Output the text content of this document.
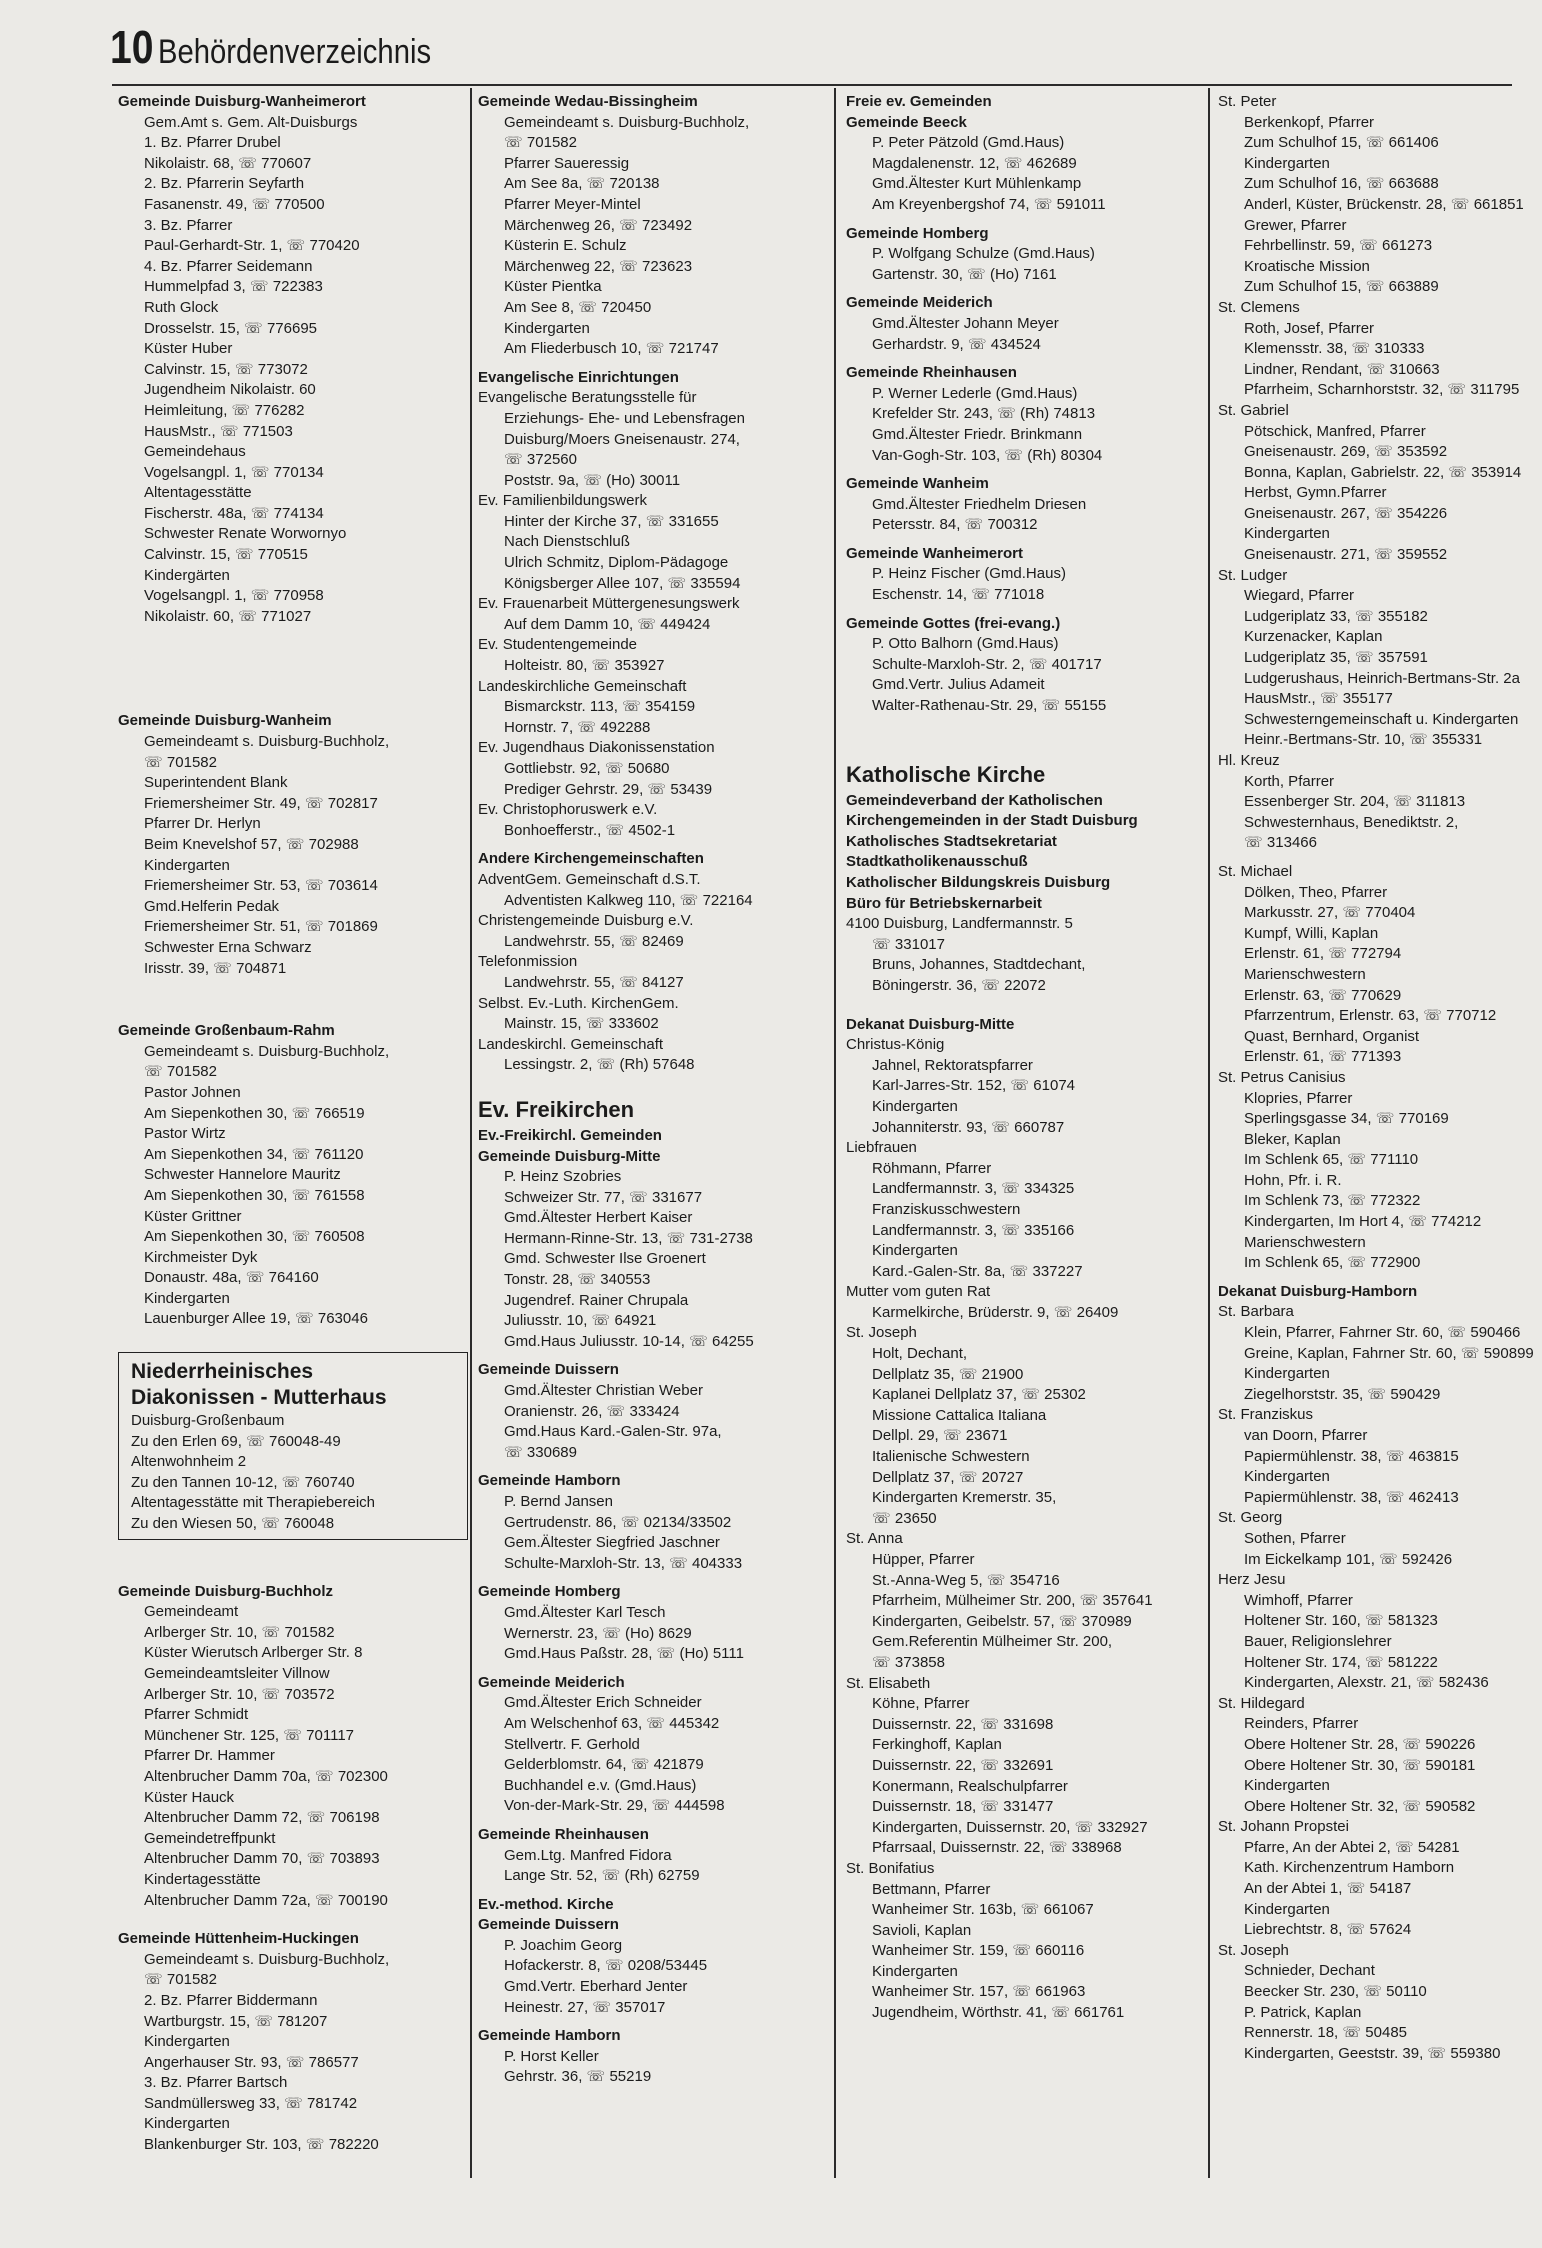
10 Behördenverzeichnis
Gemeinde Duisburg-Wanheimerort
Gem.Amt s. Gem. Alt-Duisburgs
1. Bz. Pfarrer Drubel
Nikolaistr. 68, ☏ 770607
2. Bz. Pfarrerin Seyfarth
Fasanenstr. 49, ☏ 770500
3. Bz. Pfarrer
Paul-Gerhardt-Str. 1, ☏ 770420
4. Bz. Pfarrer Seidemann
Hummelpfad 3, ☏ 722383
Ruth Glock
Drosselstr. 15, ☏ 776695
Küster Huber
Calvinstr. 15, ☏ 773072
Jugendheim Nikolaistr. 60
Heimleitung, ☏ 776282
HausMstr., ☏ 771503
Gemeindehaus
Vogelsangpl. 1, ☏ 770134
Altentagesstätte
Fischerstr. 48a, ☏ 774134
Schwester Renate Worwornyo
Calvinstr. 15, ☏ 770515
Kindergärten
Vogelsangpl. 1, ☏ 770958
Nikolaistr. 60, ☏ 771027
Gemeinde Duisburg-Wanheim
Gemeindeamt s. Duisburg-Buchholz,
☏ 701582
Superintendent Blank
Friemersheimer Str. 49, ☏ 702817
Pfarrer Dr. Herlyn
Beim Knevelshof 57, ☏ 702988
Kindergarten
Friemersheimer Str. 53, ☏ 703614
Gmd.Helferin Pedak
Friemersheimer Str. 51, ☏ 701869
Schwester Erna Schwarz
Irisstr. 39, ☏ 704871
Gemeinde Großenbaum-Rahm
Gemeindeamt s. Duisburg-Buchholz,
☏ 701582
Pastor Johnen
Am Siepenkothen 30, ☏ 766519
Pastor Wirtz
Am Siepenkothen 34, ☏ 761120
Schwester Hannelore Mauritz
Am Siepenkothen 30, ☏ 761558
Küster Grittner
Am Siepenkothen 30, ☏ 760508
Kirchmeister Dyk
Donaustr. 48a, ☏ 764160
Kindergarten
Lauenburger Allee 19, ☏ 763046
Niederrheinisches
Diakonissen - Mutterhaus
Duisburg-Großenbaum
Zu den Erlen 69, ☏ 760048-49
Altenwohnheim 2
Zu den Tannen 10-12, ☏ 760740
Altentagesstätte mit Therapiebereich
Zu den Wiesen 50, ☏ 760048
Gemeinde Duisburg-Buchholz
Gemeindeamt
Arlberger Str. 10, ☏ 701582
Küster Wierutsch Arlberger Str. 8
Gemeindeamtsleiter Villnow
Arlberger Str. 10, ☏ 703572
Pfarrer Schmidt
Münchener Str. 125, ☏ 701117
Pfarrer Dr. Hammer
Altenbrucher Damm 70a, ☏ 702300
Küster Hauck
Altenbrucher Damm 72, ☏ 706198
Gemeindetreffpunkt
Altenbrucher Damm 70, ☏ 703893
Kindertagesstätte
Altenbrucher Damm 72a, ☏ 700190
Gemeinde Hüttenheim-Huckingen
Gemeindeamt s. Duisburg-Buchholz,
☏ 701582
2. Bz. Pfarrer Biddermann
Wartburgstr. 15, ☏ 781207
Kindergarten
Angerhauser Str. 93, ☏ 786577
3. Bz. Pfarrer Bartsch
Sandmüllersweg 33, ☏ 781742
Kindergarten
Blankenburger Str. 103, ☏ 782220
Gemeinde Wedau-Bissingheim
Gemeindeamt s. Duisburg-Buchholz,
☏ 701582
Pfarrer Saueressig
Am See 8a, ☏ 720138
Pfarrer Meyer-Mintel
Märchenweg 26, ☏ 723492
Küsterin E. Schulz
Märchenweg 22, ☏ 723623
Küster Pientka
Am See 8, ☏ 720450
Kindergarten
Am Fliederbusch 10, ☏ 721747
Evangelische Einrichtungen
Evangelische Beratungsstelle für
Erziehungs- Ehe- und Lebensfragen
Duisburg/Moers Gneisenaustr. 274,
☏ 372560
Poststr. 9a, ☏ (Ho) 30011
Ev. Familienbildungswerk
Hinter der Kirche 37, ☏ 331655
Nach Dienstschluß
Ulrich Schmitz, Diplom-Pädagoge
Königsberger Allee 107, ☏ 335594
Ev. Frauenarbeit Müttergenesungswerk
Auf dem Damm 10, ☏ 449424
Ev. Studentengemeinde
Holteistr. 80, ☏ 353927
Landeskirchliche Gemeinschaft
Bismarckstr. 113, ☏ 354159
Hornstr. 7, ☏ 492288
Ev. Jugendhaus Diakonissenstation
Gottliebstr. 92, ☏ 50680
Prediger Gehrstr. 29, ☏ 53439
Ev. Christophoruswerk e.V.
Bonhoefferstr., ☏ 4502-1
Andere Kirchengemeinschaften
AdventGem. Gemeinschaft d.S.T.
Adventisten Kalkweg 110, ☏ 722164
Christengemeinde Duisburg e.V.
Landwehrstr. 55, ☏ 82469
Telefonmission
Landwehrstr. 55, ☏ 84127
Selbst. Ev.-Luth. KirchenGem.
Mainstr. 15, ☏ 333602
Landeskirchl. Gemeinschaft
Lessingstr. 2, ☏ (Rh) 57648
Ev. Freikirchen
Ev.-Freikirchl. Gemeinden
Gemeinde Duisburg-Mitte
P. Heinz Szobries
Schweizer Str. 77, ☏ 331677
Gmd.Ältester Herbert Kaiser
Hermann-Rinne-Str. 13, ☏ 731-2738
Gmd. Schwester Ilse Groenert
Tonstr. 28, ☏ 340553
Jugendref. Rainer Chrupala
Juliusstr. 10, ☏ 64921
Gmd.Haus Juliusstr. 10-14, ☏ 64255
Gemeinde Duissern
Gmd.Ältester Christian Weber
Oranienstr. 26, ☏ 333424
Gmd.Haus Kard.-Galen-Str. 97a,
☏ 330689
Gemeinde Hamborn
P. Bernd Jansen
Gertrudenstr. 86, ☏ 02134/33502
Gem.Ältester Siegfried Jaschner
Schulte-Marxloh-Str. 13, ☏ 404333
Gemeinde Homberg
Gmd.Ältester Karl Tesch
Wernerstr. 23, ☏ (Ho) 8629
Gmd.Haus Paßstr. 28, ☏ (Ho) 5111
Gemeinde Meiderich
Gmd.Ältester Erich Schneider
Am Welschenhof 63, ☏ 445342
Stellvertr. F. Gerhold
Gelderblomstr. 64, ☏ 421879
Buchhandel e.v. (Gmd.Haus)
Von-der-Mark-Str. 29, ☏ 444598
Gemeinde Rheinhausen
Gem.Ltg. Manfred Fidora
Lange Str. 52, ☏ (Rh) 62759
Ev.-method. Kirche
Gemeinde Duissern
P. Joachim Georg
Hofackerstr. 8, ☏ 0208/53445
Gmd.Vertr. Eberhard Jenter
Heinestr. 27, ☏ 357017
Gemeinde Hamborn
P. Horst Keller
Gehrstr. 36, ☏ 55219
Freie ev. Gemeinden
Gemeinde Beeck
P. Peter Pätzold (Gmd.Haus)
Magdalenenstr. 12, ☏ 462689
Gmd.Ältester Kurt Mühlenkamp
Am Kreyenbergshof 74, ☏ 591011
Gemeinde Homberg
P. Wolfgang Schulze (Gmd.Haus)
Gartenstr. 30, ☏ (Ho) 7161
Gemeinde Meiderich
Gmd.Ältester Johann Meyer
Gerhardstr. 9, ☏ 434524
Gemeinde Rheinhausen
P. Werner Lederle (Gmd.Haus)
Krefelder Str. 243, ☏ (Rh) 74813
Gmd.Ältester Friedr. Brinkmann
Van-Gogh-Str. 103, ☏ (Rh) 80304
Gemeinde Wanheim
Gmd.Ältester Friedhelm Driesen
Petersstr. 84, ☏ 700312
Gemeinde Wanheimerort
P. Heinz Fischer (Gmd.Haus)
Eschenstr. 14, ☏ 771018
Gemeinde Gottes (frei-evang.)
P. Otto Balhorn (Gmd.Haus)
Schulte-Marxloh-Str. 2, ☏ 401717
Gmd.Vertr. Julius Adameit
Walter-Rathenau-Str. 29, ☏ 55155
Katholische Kirche
Gemeindeverband der Katholischen
Kirchengemeinden in der Stadt Duisburg
Katholisches Stadtsekretariat
Stadtkatholikenausschuß
Katholischer Bildungskreis Duisburg
Büro für Betriebskernarbeit
4100 Duisburg, Landfermannstr. 5
☏ 331017
Bruns, Johannes, Stadtdechant,
Böningerstr. 36, ☏ 22072
Dekanat Duisburg-Mitte
Christus-König
Jahnel, Rektoratspfarrer
Karl-Jarres-Str. 152, ☏ 61074
Kindergarten
Johanniterstr. 93, ☏ 660787
Liebfrauen
Röhmann, Pfarrer
Landfermannstr. 3, ☏ 334325
Franziskusschwestern
Landfermannstr. 3, ☏ 335166
Kindergarten
Kard.-Galen-Str. 8a, ☏ 337227
Mutter vom guten Rat
Karmelkirche, Brüderstr. 9, ☏ 26409
St. Joseph
Holt, Dechant,
Dellplatz 35, ☏ 21900
Kaplanei Dellplatz 37, ☏ 25302
Missione Cattalica Italiana
Dellpl. 29, ☏ 23671
Italienische Schwestern
Dellplatz 37, ☏ 20727
Kindergarten Kremerstr. 35,
☏ 23650
St. Anna
Hüpper, Pfarrer
St.-Anna-Weg 5, ☏ 354716
Pfarrheim, Mülheimer Str. 200, ☏ 357641
Kindergarten, Geibelstr. 57, ☏ 370989
Gem.Referentin Mülheimer Str. 200,
☏ 373858
St. Elisabeth
Köhne, Pfarrer
Duissernstr. 22, ☏ 331698
Ferkinghoff, Kaplan
Duissernstr. 22, ☏ 332691
Konermann, Realschulpfarrer
Duissernstr. 18, ☏ 331477
Kindergarten, Duissernstr. 20, ☏ 332927
Pfarrsaal, Duissernstr. 22, ☏ 338968
St. Bonifatius
Bettmann, Pfarrer
Wanheimer Str. 163b, ☏ 661067
Savioli, Kaplan
Wanheimer Str. 159, ☏ 660116
Kindergarten
Wanheimer Str. 157, ☏ 661963
Jugendheim, Wörthstr. 41, ☏ 661761
St. Peter
Berkenkopf, Pfarrer
Zum Schulhof 15, ☏ 661406
Kindergarten
Zum Schulhof 16, ☏ 663688
Anderl, Küster, Brückenstr. 28, ☏ 661851
Grewer, Pfarrer
Fehrbellinstr. 59, ☏ 661273
Kroatische Mission
Zum Schulhof 15, ☏ 663889
St. Clemens
Roth, Josef, Pfarrer
Klemensstr. 38, ☏ 310333
Lindner, Rendant, ☏ 310663
Pfarrheim, Scharnhorststr. 32, ☏ 311795
St. Gabriel
Pötschick, Manfred, Pfarrer
Gneisenaustr. 269, ☏ 353592
Bonna, Kaplan, Gabrielstr. 22, ☏ 353914
Herbst, Gymn.Pfarrer
Gneisenaustr. 267, ☏ 354226
Kindergarten
Gneisenaustr. 271, ☏ 359552
St. Ludger
Wiegard, Pfarrer
Ludgeriplatz 33, ☏ 355182
Kurzenacker, Kaplan
Ludgeriplatz 35, ☏ 357591
Ludgerushaus, Heinrich-Bertmans-Str. 2a
HausMstr., ☏ 355177
Schwesterngemeinschaft u. Kindergarten
Heinr.-Bertmans-Str. 10, ☏ 355331
Hl. Kreuz
Korth, Pfarrer
Essenberger Str. 204, ☏ 311813
Schwesternhaus, Benediktstr. 2,
☏ 313466
St. Michael
Dölken, Theo, Pfarrer
Markusstr. 27, ☏ 770404
Kumpf, Willi, Kaplan
Erlenstr. 61, ☏ 772794
Marienschwestern
Erlenstr. 63, ☏ 770629
Pfarrzentrum, Erlenstr. 63, ☏ 770712
Quast, Bernhard, Organist
Erlenstr. 61, ☏ 771393
St. Petrus Canisius
Klopries, Pfarrer
Sperlingsgasse 34, ☏ 770169
Bleker, Kaplan
Im Schlenk 65, ☏ 771110
Hohn, Pfr. i. R.
Im Schlenk 73, ☏ 772322
Kindergarten, Im Hort 4, ☏ 774212
Marienschwestern
Im Schlenk 65, ☏ 772900
Dekanat Duisburg-Hamborn
St. Barbara
Klein, Pfarrer, Fahrner Str. 60, ☏ 590466
Greine, Kaplan, Fahrner Str. 60, ☏ 590899
Kindergarten
Ziegelhorststr. 35, ☏ 590429
St. Franziskus
van Doorn, Pfarrer
Papiermühlenstr. 38, ☏ 463815
Kindergarten
Papiermühlenstr. 38, ☏ 462413
St. Georg
Sothen, Pfarrer
Im Eickelkamp 101, ☏ 592426
Herz Jesu
Wimhoff, Pfarrer
Holtener Str. 160, ☏ 581323
Bauer, Religionslehrer
Holtener Str. 174, ☏ 581222
Kindergarten, Alexstr. 21, ☏ 582436
St. Hildegard
Reinders, Pfarrer
Obere Holtener Str. 28, ☏ 590226
Obere Holtener Str. 30, ☏ 590181
Kindergarten
Obere Holtener Str. 32, ☏ 590582
St. Johann Propstei
Pfarre, An der Abtei 2, ☏ 54281
Kath. Kirchenzentrum Hamborn
An der Abtei 1, ☏ 54187
Kindergarten
Liebrechtstr. 8, ☏ 57624
St. Joseph
Schnieder, Dechant
Beecker Str. 230, ☏ 50110
P. Patrick, Kaplan
Rennerstr. 18, ☏ 50485
Kindergarten, Geeststr. 39, ☏ 559380
